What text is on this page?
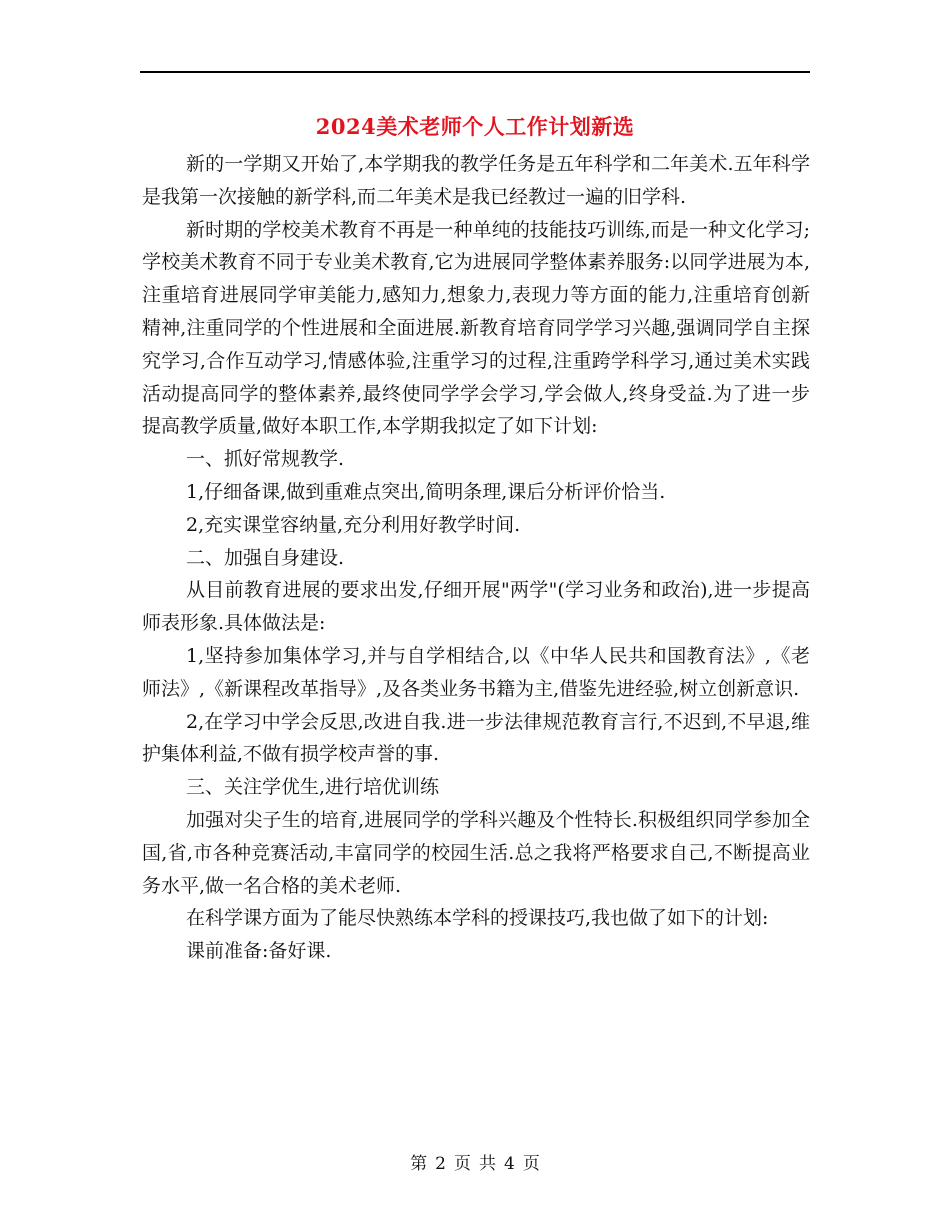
2024美术老师个人工作计划新选

新的一学期又开始了,本学期我的教学任务是五年科学和二年美术.五年科学是我第一次接触的新学科,而二年美术是我已经教过一遍的旧学科.

新时期的学校美术教育不再是一种单纯的技能技巧训练,而是一种文化学习;学校美术教育不同于专业美术教育,它为进展同学整体素养服务:以同学进展为本,注重培育进展同学审美能力,感知力,想象力,表现力等方面的能力,注重培育创新精神,注重同学的个性进展和全面进展.新教育培育同学学习兴趣,强调同学自主探究学习,合作互动学习,情感体验,注重学习的过程,注重跨学科学习,通过美术实践活动提高同学的整体素养,最终使同学学会学习,学会做人,终身受益.为了进一步提高教学质量,做好本职工作,本学期我拟定了如下计划:

一、抓好常规教学.

1,仔细备课,做到重难点突出,简明条理,课后分析评价恰当.

2,充实课堂容纳量,充分利用好教学时间.

二、加强自身建设.

从目前教育进展的要求出发,仔细开展"两学"(学习业务和政治),进一步提高师表形象.具体做法是:

1,坚持参加集体学习,并与自学相结合,以《中华人民共和国教育法》,《老师法》,《新课程改革指导》,及各类业务书籍为主,借鉴先进经验,树立创新意识.

2,在学习中学会反思,改进自我.进一步法律规范教育言行,不迟到,不早退,维护集体利益,不做有损学校声誉的事.

三、关注学优生,进行培优训练

加强对尖子生的培育,进展同学的学科兴趣及个性特长.积极组织同学参加全国,省,市各种竞赛活动,丰富同学的校园生活.总之我将严格要求自己,不断提高业务水平,做一名合格的美术老师.

在科学课方面为了能尽快熟练本学科的授课技巧,我也做了如下的计划:

课前准备:备好课.

第 2 页 共 4 页
